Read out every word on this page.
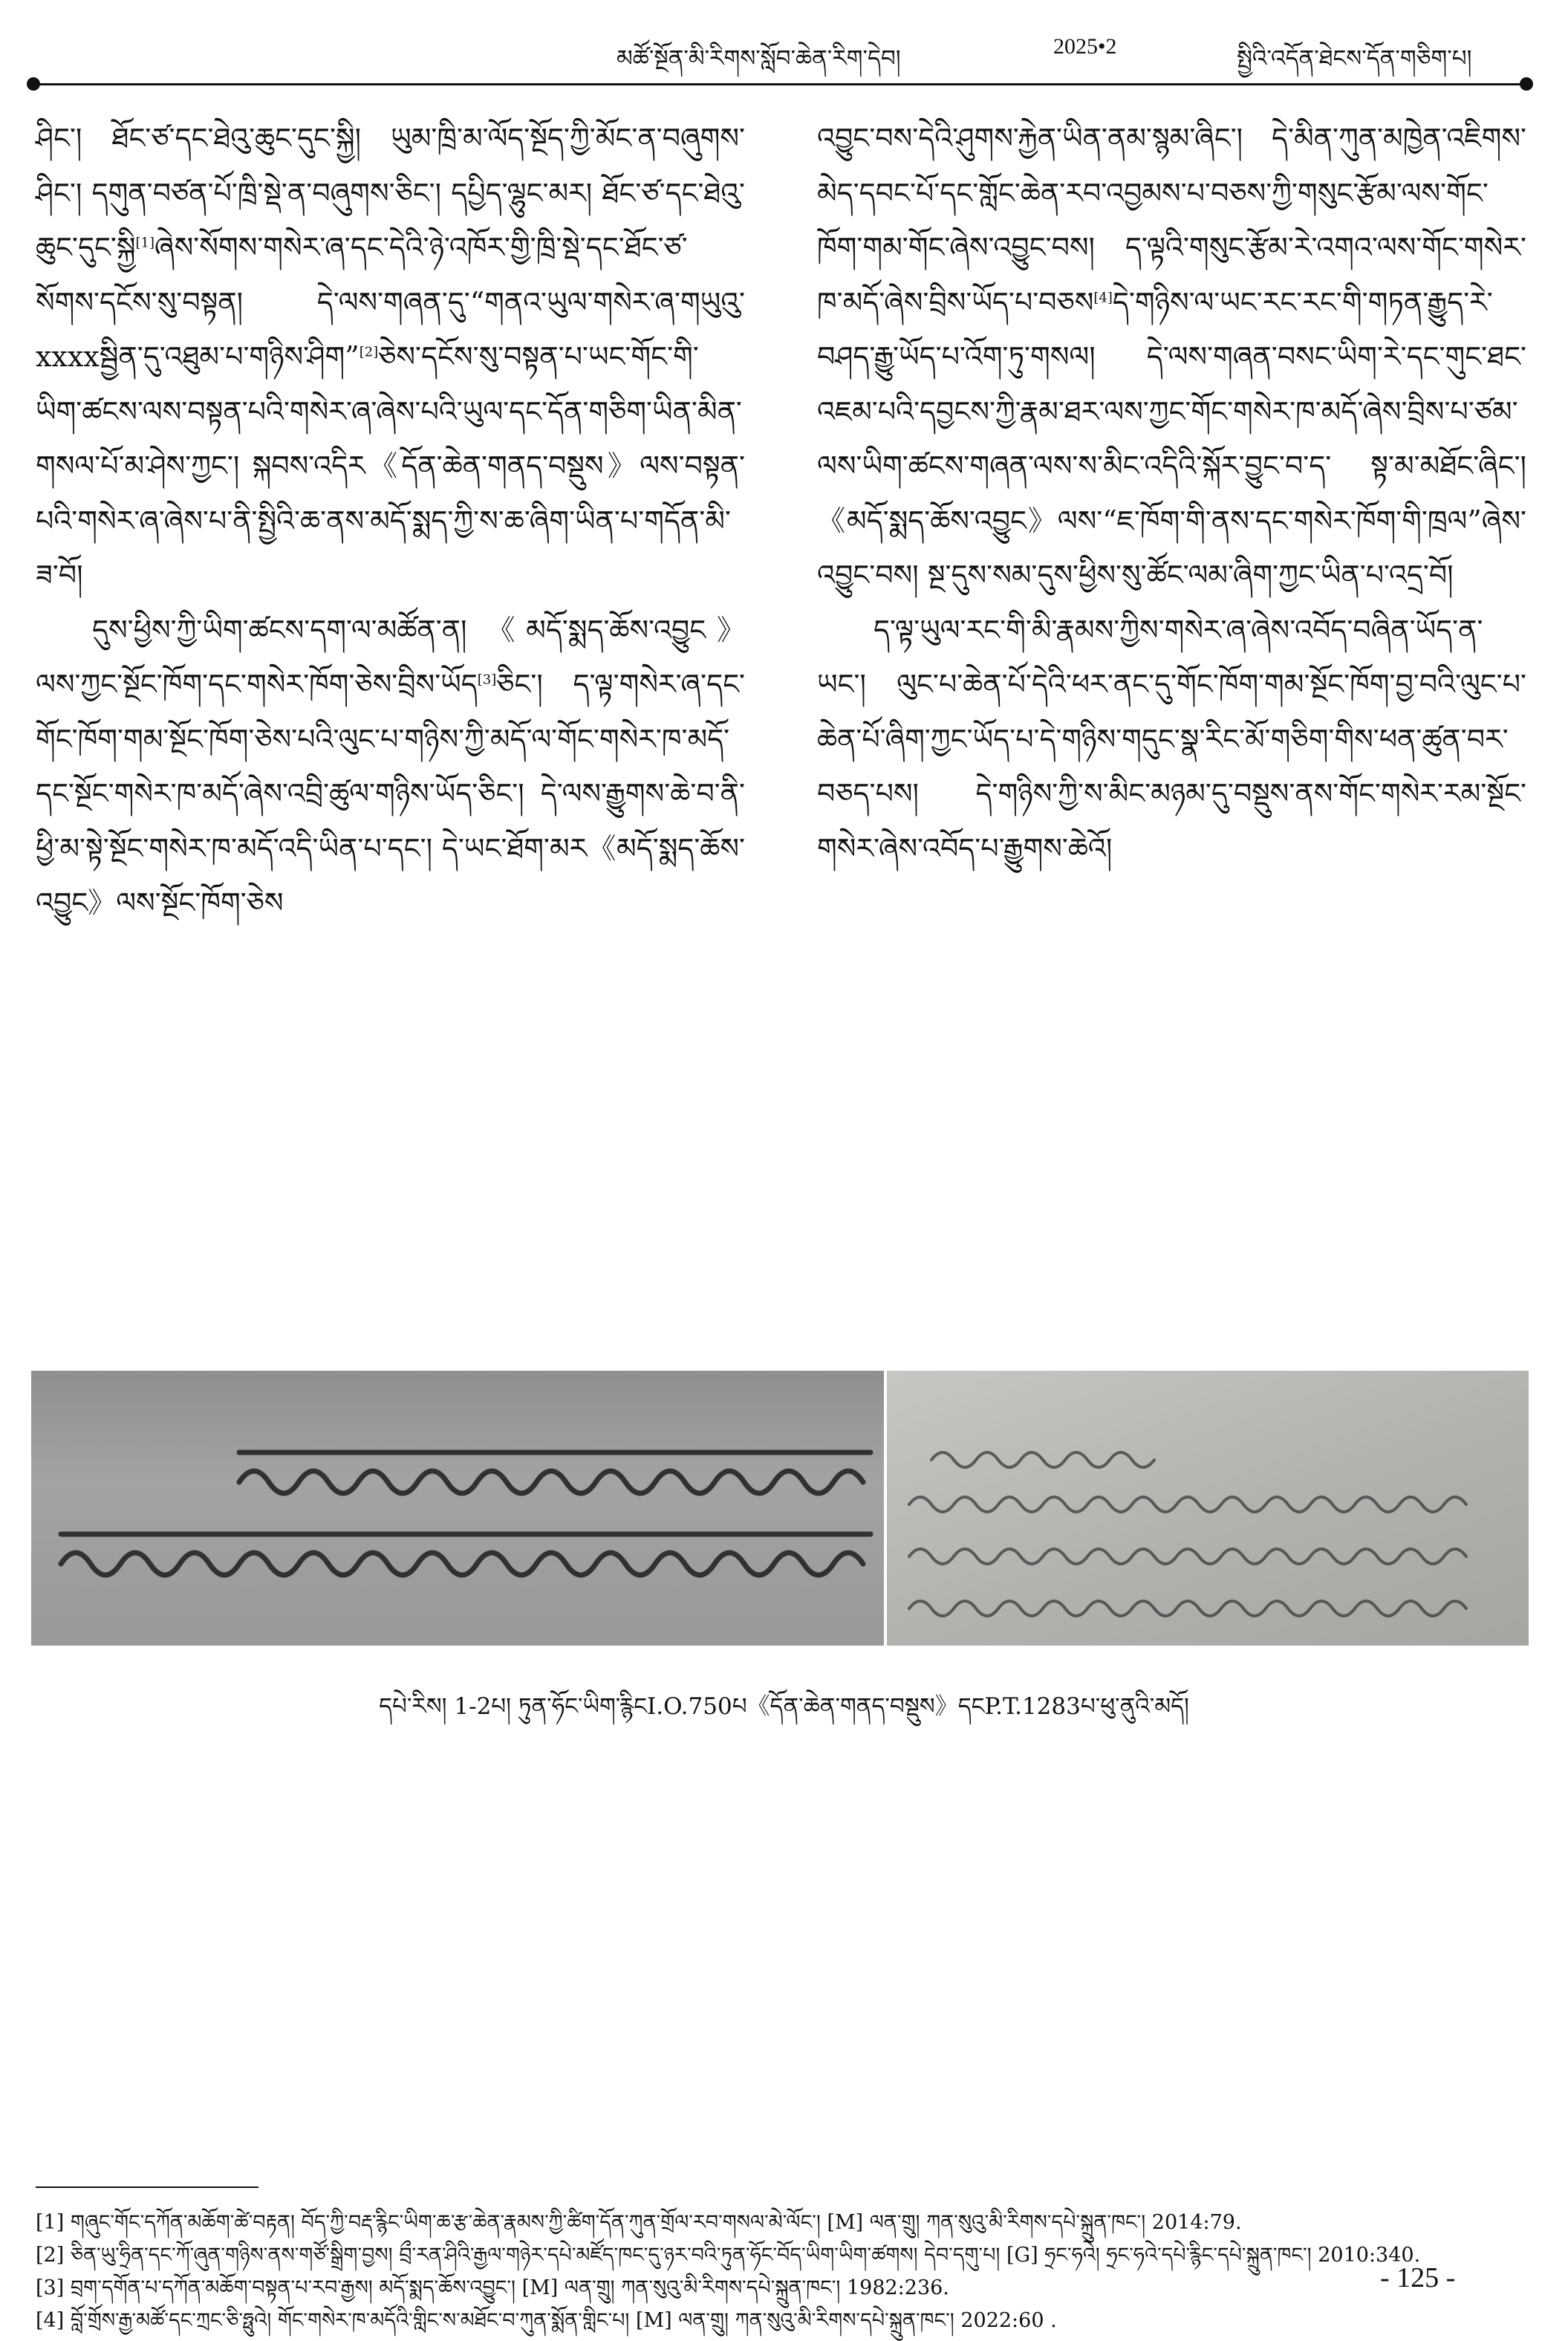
མཚོ་སྔོན་མི་རིགས་སློབ་ཆེན་རིག་དེབ།	2025•2	སྤྱིའི་འདོན་ཐེངས་དོན་གཅིག་པ།

ཤིང་། ཐོང་ཙ་དང་ཐེའུ་ཆུང་དུང་སྐྱི། ཡུམ་ཁྲི་མ་ལོད་སྔོད་ཀྱི་མོང་ན་བཞུགས་ཤིང་། དགུན་བཙན་པོ་ཁྲི་སྡེ་ན་བཞུགས་ཅིང་། དཔྱིད་ལྷུང་མར། ཐོང་ཙ་དང་ཐེའུ་ཆུང་དུང་སྐྱི[1]ཞེས་སོགས་གསེར་ཞ་དང་དེའི་ཉེ་འཁོར་གྱི་ཁྲི་སྡེ་དང་ཐོང་ཙ་སོགས་དངོས་སུ་བསྟན། དེ་ལས་གཞན་དུ་“གནའ་ཡུལ་གསེར་ཞ་གཡུའུ་xxxxསྦྱིན་དུ་འཐུམ་པ་གཉིས་ཤིག”[2]ཅེས་དངོས་སུ་བསྟན་པ་ཡང་གོང་གི་ཡིག་ཚངས་ལས་བསྟན་པའི་གསེར་ཞ་ཞེས་པའི་ཡུལ་དང་དོན་གཅིག་ཡིན་མིན་གསལ་པོ་མ་ཤེས་ཀྱང་། སྐབས་འདིར《དོན་ཆེན་གནད་བསྡུས》ལས་བསྟན་པའི་གསེར་ཞ་ཞེས་པ་ནི་སྤྱིའི་ཆ་ནས་མདོ་སྨད་ཀྱི་ས་ཆ་ཞིག་ཡིན་པ་གདོན་མི་ཟ་བོ།

དུས་ཕྱིས་ཀྱི་ཡིག་ཚངས་དག་ལ་མཚོན་ན། 《མདོ་སྨད་ཆོས་འབྱུང》ལས་ཀྱང་སྔོང་ཁོག་དང་གསེར་ཁོག་ཅེས་བྲིས་ཡོད[3]ཅིང་། ད་ལྟ་གསེར་ཞ་དང་གོང་ཁོག་གམ་སྔོང་ཁོག་ཅེས་པའི་ལུང་པ་གཉིས་ཀྱི་མདོ་ལ་གོང་གསེར་ཁ་མདོ་དང་སྔོང་གསེར་ཁ་མདོ་ཞེས་འབྲི་ཚུལ་གཉིས་ཡོད་ཅིང་། དེ་ལས་རྒྱུགས་ཆེ་བ་ནི་ཕྱི་མ་སྟེ་སྔོང་གསེར་ཁ་མདོ་འདི་ཡིན་པ་དང་། དེ་ཡང་ཐོག་མར《མདོ་སྨད་ཆོས་འབྱུང》ལས་སྔོང་ཁོག་ཅེས

འབྱུང་བས་དེའི་ཤུགས་རྐྱེན་ཡིན་ནམ་སྙམ་ཞིང་། དེ་མིན་ཀུན་མཁྱེན་འཇིགས་མེད་དབང་པོ་དང་གློང་ཆེན་རབ་འབྱམས་པ་བཅས་ཀྱི་གསུང་རྩོམ་ལས་གོང་ཁོག་གམ་གོང་ཞེས་འབྱུང་བས། ད་ལྟའི་གསུང་རྩོམ་རེ་འགའ་ལས་གོང་གསེར་ཁ་མདོ་ཞེས་བྲིས་ཡོད་པ་བཅས[4]དེ་གཉིས་ལ་ཡང་རང་རང་གི་གཏན་རྒྱུད་རེ་བཤད་རྒྱུ་ཡོད་པ་འོག་ཏུ་གསལ། དེ་ལས་གཞན་བསང་ཡིག་རེ་དང་གུང་ཐང་འཇམ་པའི་དབྱངས་ཀྱི་རྣམ་ཐར་ལས་ཀྱང་གོང་གསེར་ཁ་མདོ་ཞེས་བྲིས་པ་ཙམ་ལས་ཡིག་ཚངས་གཞན་ལས་ས་མིང་འདིའི་སྐོར་བྱུང་བ་ད་ སྟ་མ་མཐོང་ཞིང་། 《མདོ་སྨད་ཆོས་འབྱུང》ལས་“ཇ་ཁོག་གི་ནས་དང་གསེར་ཁོག་གི་ཁྲལ”ཞེས་འབྱུང་བས། སྔ་དུས་སམ་དུས་ཕྱིས་སུ་ཚོང་ལམ་ཞིག་ཀྱང་ཡིན་པ་འདྲ་བོ།

ད་ལྟ་ཡུལ་རང་གི་མི་རྣམས་ཀྱིས་གསེར་ཞ་ཞེས་འབོད་བཞིན་ཡོད་ན་ཡང་། ལུང་པ་ཆེན་པོ་དེའི་ཕར་ནང་དུ་གོང་ཁོག་གམ་སྔོང་ཁོག་བྱ་བའི་ལུང་པ་ཆེན་པོ་ཞིག་ཀྱང་ཡོད་པ་དེ་གཉིས་གདུང་སྣ་རིང་མོ་གཅིག་གིས་ཕན་ཚུན་བར་བཅད་པས། དེ་གཉིས་ཀྱི་ས་མིང་མཉམ་དུ་བསྡུས་ནས་གོང་གསེར་རམ་སྔོང་གསེར་ཞེས་འབོད་པ་རྒྱུགས་ཆེའོ།

དཔེ་རིས། 1-2པ། ཏུན་ཧོང་ཡིག་རྙིངI.O.750པ《དོན་ཆེན་གནད་བསྡུས》དངP.T.1283པ་ཕུ་ནུའི་མདོ།
[1] གཞུང་གོང་དཀོན་མཆོག་ཚེ་བརྟན། བོད་ཀྱི་བརྡ་རྙིང་ཡིག་ཆ་རྩ་ཆེན་རྣམས་ཀྱི་ཚིག་དོན་ཀུན་གྲོལ་རབ་གསལ་མེ་ལོང་། [M] ལན་གྲུ། ཀན་སུའུ་མི་རིགས་དཔེ་སྐྲུན་ཁང་། 2014:79.
[2] ཅིན་ཡུ་ཧྲིན་དང་ཀོ་ཞུན་གཉིས་ནས་གཙོ་སྒྲིག་བྱས། བྲྀ་རན་ཤིའི་རྒྱལ་གཉེར་དཔེ་མཛོད་ཁང་དུ་ཉར་བའི་ཏུན་ཧོང་བོད་ཡིག་ཡིག་ཚགས། དེབ་དགུ་པ། [G] ཧྲང་ཧའེ། ཧྲང་ཧའེ་དཔེ་རྙིང་དཔེ་སྐྲུན་ཁང་། 2010:340.
[3] བྲག་དགོན་པ་དཀོན་མཆོག་བསྟན་པ་རབ་རྒྱས། མདོ་སྨད་ཆོས་འབྱུང་། [M] ལན་གྲུ། ཀན་སུའུ་མི་རིགས་དཔེ་སྐྲུན་ཁང་། 1982:236.
[4] བློ་གྲོས་རྒྱ་མཚོ་དང་ཀྲང་ཅི་ཧྥུའེ། གོང་གསེར་ཁ་མདོའི་གླིང་ས་མཐོང་བ་ཀུན་སྨོན་གླིང་པ། [M] ལན་གྲུ། ཀན་སུའུ་མི་རིགས་དཔེ་སྐྲུན་ཁང་། 2022:60 .
- 125 -
